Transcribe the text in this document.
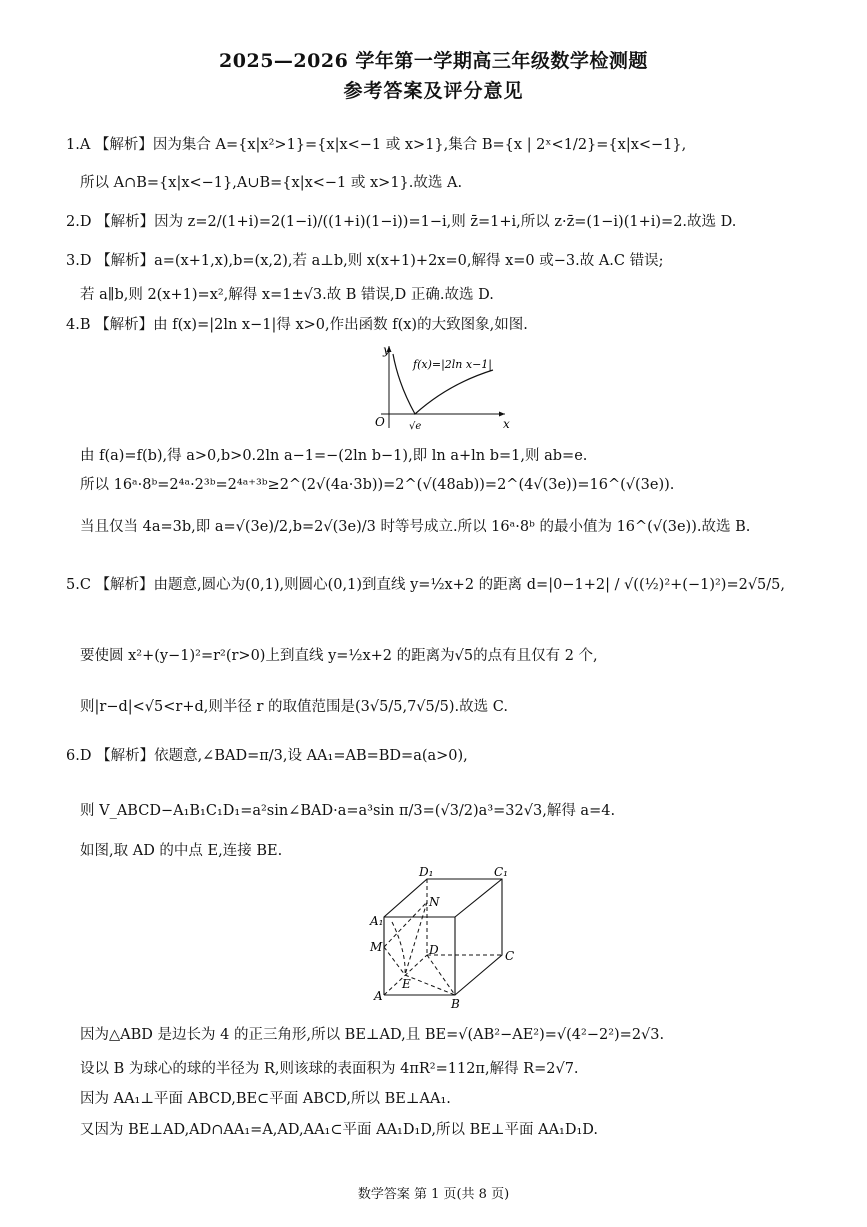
2025—2026 学年第一学期高三年级数学检测题
参考答案及评分意见
1.A 【解析】因为集合 A={x|x²>1}={x|x<−1 或 x>1},集合 B={x | 2ˣ<1/2}={x|x<−1},
所以 A∩B={x|x<−1},A∪B={x|x<−1 或 x>1}.故选 A.
2.D 【解析】因为 z=2/(1+i)=2(1−i)/((1+i)(1−i))=1−i,则 z̄=1+i,所以 z·z̄=(1−i)(1+i)=2.故选 D.
3.D 【解析】a=(x+1,x),b=(x,2),若 a⊥b,则 x(x+1)+2x=0,解得 x=0 或−3.故 A.C 错误;
若 a∥b,则 2(x+1)=x²,解得 x=1±√3.故 B 错误,D 正确.故选 D.
4.B 【解析】由 f(x)=|2ln x−1|得 x>0,作出函数 f(x)的大致图象,如图.
y
x
O √e
f(x)=|2ln x−1|
由 f(a)=f(b),得 a>0,b>0.2ln a−1=−(2ln b−1),即 ln a+ln b=1,则 ab=e.
所以 16ᵃ·8ᵇ=2⁴ᵃ·2³ᵇ=2⁴ᵃ⁺³ᵇ≥2^(2√(4a·3b))=2^(√(48ab))=2^(4√(3e))=16^(√(3e)).
当且仅当 4a=3b,即 a=√(3e)/2,b=2√(3e)/3 时等号成立.所以 16ᵃ·8ᵇ 的最小值为 16^(√(3e)).故选 B.
5.C 【解析】由题意,圆心为(0,1),则圆心(0,1)到直线 y=½x+2 的距离 d=|0−1+2| / √((½)²+(−1)²)=2√5/5,
要使圆 x²+(y−1)²=r²(r>0)上到直线 y=½x+2 的距离为√5的点有且仅有 2 个,
则|r−d|<√5<r+d,则半径 r 的取值范围是(3√5/5,7√5/5).故选 C.
6.D 【解析】依题意,∠BAD=π/3,设 AA₁=AB=BD=a(a>0),
则 V_ABCD−A₁B₁C₁D₁=a²sin∠BAD·a=a³sin π/3=(√3/2)a³=32√3,解得 a=4.
如图,取 AD 的中点 E,连接 BE.
A
B
C
D
A₁
C₁
D₁
E
M
N
因为△ABD 是边长为 4 的正三角形,所以 BE⊥AD,且 BE=√(AB²−AE²)=√(4²−2²)=2√3.
设以 B 为球心的球的半径为 R,则该球的表面积为 4πR²=112π,解得 R=2√7.
因为 AA₁⊥平面 ABCD,BE⊂平面 ABCD,所以 BE⊥AA₁.
又因为 BE⊥AD,AD∩AA₁=A,AD,AA₁⊂平面 AA₁D₁D,所以 BE⊥平面 AA₁D₁D.
数学答案 第 1 页(共 8 页)
